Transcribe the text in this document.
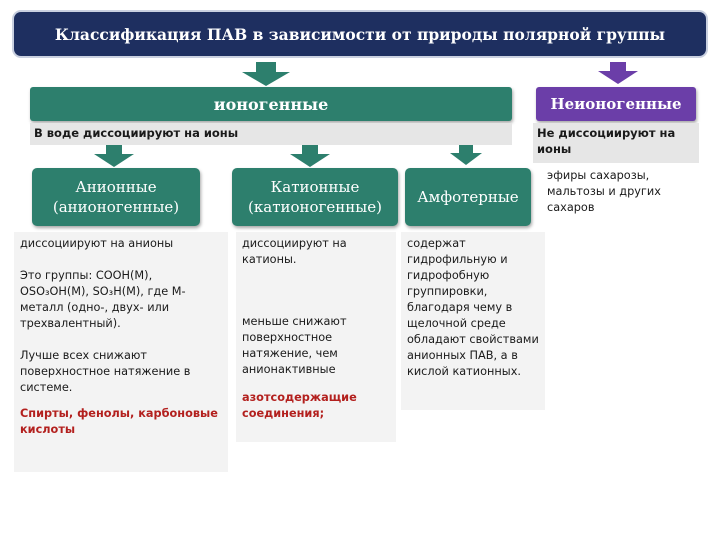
Классификация ПАВ в зависимости от природы полярной группы
ионогенные
В воде диссоциируют на ионы
Неионогенные
Не диссоциируют на ионы
эфиры сахарозы, мальтозы и других сахаров
Анионные
(анионогенные)
Катионные
(катионогенные)
Амфотерные

диссоциируют на анионы

Это группы: COOH(M), OSO₃OH(M), SO₃H(M), где М-металл (одно-, двух- или трехвалентный).

Лучше всех снижают поверхностное натяжение в системе.

Спирты, фенолы, карбоновые кислоты

диссоциируют на катионы.

меньше снижают поверхностное натяжение, чем анионактивные

азотсодержащие соединения;

содержат гидрофильную и гидрофобную группировки, благодаря чему в щелочной среде обладают свойствами анионных ПАВ, а в кислой катионных.
